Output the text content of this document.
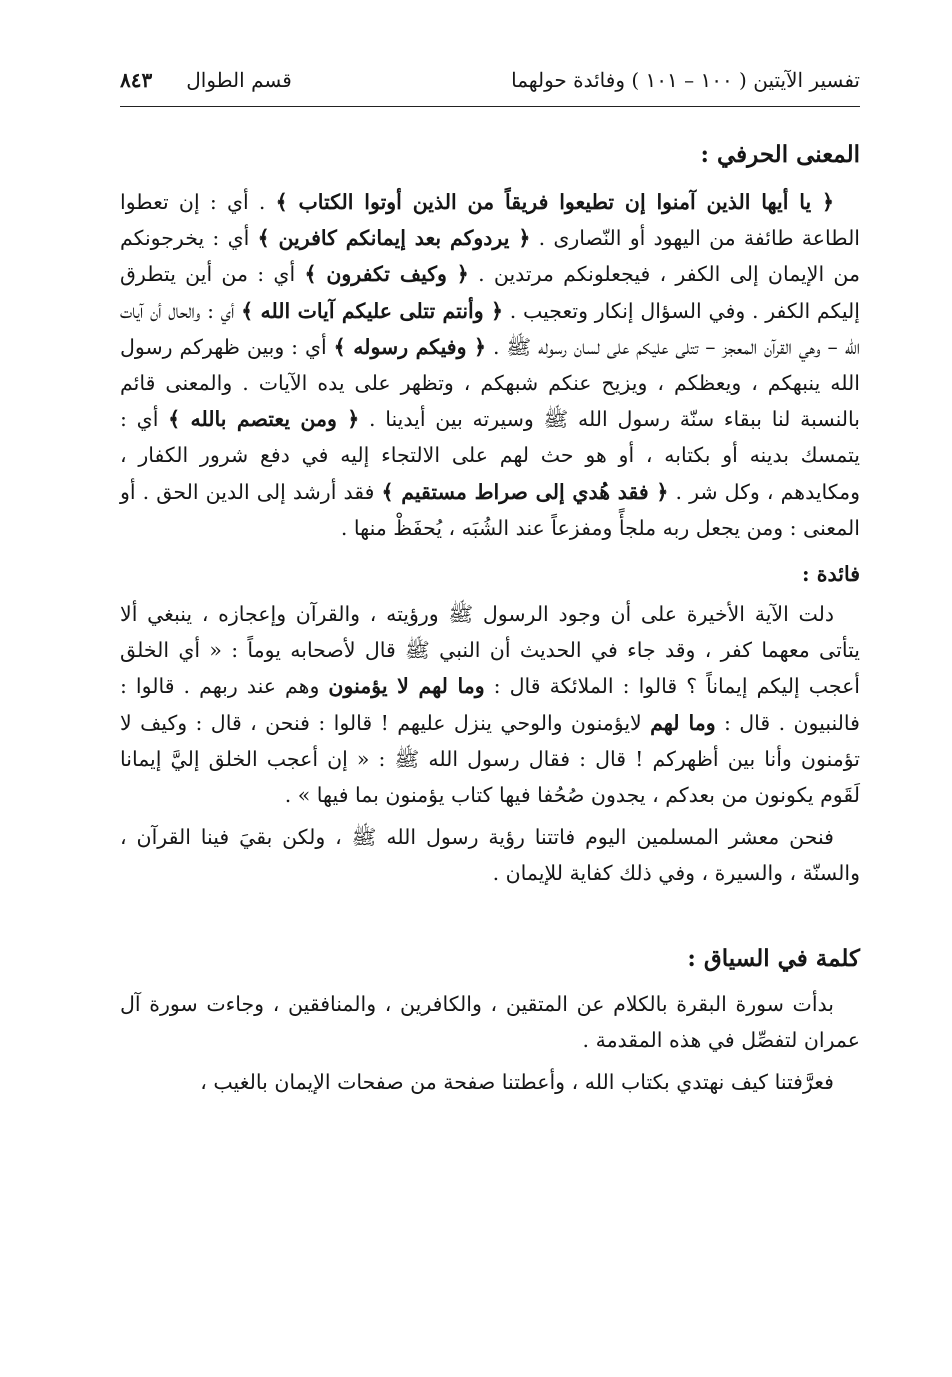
تفسير الآيتين ( ١٠٠ – ١٠١ ) وفائدة حولهما
قسم الطوال
٨٤٣
المعنى الحرفي :

﴿ يا أيها الذين آمنوا إن تطيعوا فريقاً من الذين أوتوا الكتاب ﴾ . أي : إن تعطوا الطاعة طائفة من اليهود أو النّصارى . ﴿ يردوكم بعد إيمانكم كافرين ﴾ أي : يخرجونكم من الإيمان إلى الكفر ، فيجعلونكم مرتدين . ﴿ وكيف تكفرون ﴾ أي : من أين يتطرق إليكم الكفر . وفي السؤال إنكار وتعجيب . ﴿ وأنتم تتلى عليكم آيات الله ﴾ أي : والحال أن آيات الله – وهي القرآن المعجز – تتلى عليكم على لسان رسوله ﷺ . ﴿ وفيكم رسوله ﴾ أي : وبين ظهركم رسول الله ينبهكم ، ويعظكم ، ويزيح عنكم شبهكم ، وتظهر على يده الآيات . والمعنى قائم بالنسبة لنا ببقاء سنّة رسول الله ﷺ وسيرته بين أيدينا . ﴿ ومن يعتصم بالله ﴾ أي : يتمسك بدينه أو بكتابه ، أو هو حث لهم على الالتجاء إليه في دفع شرور الكفار ، ومكايدهم ، وكل شر . ﴿ فقد هُدي إلى صراط مستقيم ﴾ فقد أرشد إلى الدين الحق . أو المعنى : ومن يجعل ربه ملجأً ومفزعاً عند الشُبَه ، يُحفَظْ منها .

فائدة :

دلت الآية الأخيرة على أن وجود الرسول ﷺ ورؤيته ، والقرآن وإعجازه ، ينبغي ألا يتأتى معهما كفر ، وقد جاء في الحديث أن النبي ﷺ قال لأصحابه يوماً : « أي الخلق أعجب إليكم إيماناً ؟ قالوا : الملائكة قال : وما لهم لا يؤمنون وهم عند ربهم . قالوا : فالنبيون . قال : وما لهم لايؤمنون والوحي ينزل عليهم ! قالوا : فنحن ، قال : وكيف لا تؤمنون وأنا بين أظهركم ! قال : فقال رسول الله ﷺ : « إن أعجب الخلق إليَّ إيمانا لَقَوم يكونون من بعدكم ، يجدون صُحُفا فيها كتاب يؤمنون بما فيها » .

فنحن معشر المسلمين اليوم فاتتنا رؤية رسول الله ﷺ ، ولكن بقيَ فينا القرآن ، والسنّة ، والسيرة ، وفي ذلك كفاية للإيمان .

كلمة في السياق :

بدأت سورة البقرة بالكلام عن المتقين ، والكافرين ، والمنافقين ، وجاءت سورة آل عمران لتفصِّل في هذه المقدمة .

فعرَّفتنا كيف نهتدي بكتاب الله ، وأعطتنا صفحة من صفحات الإيمان بالغيب ،
